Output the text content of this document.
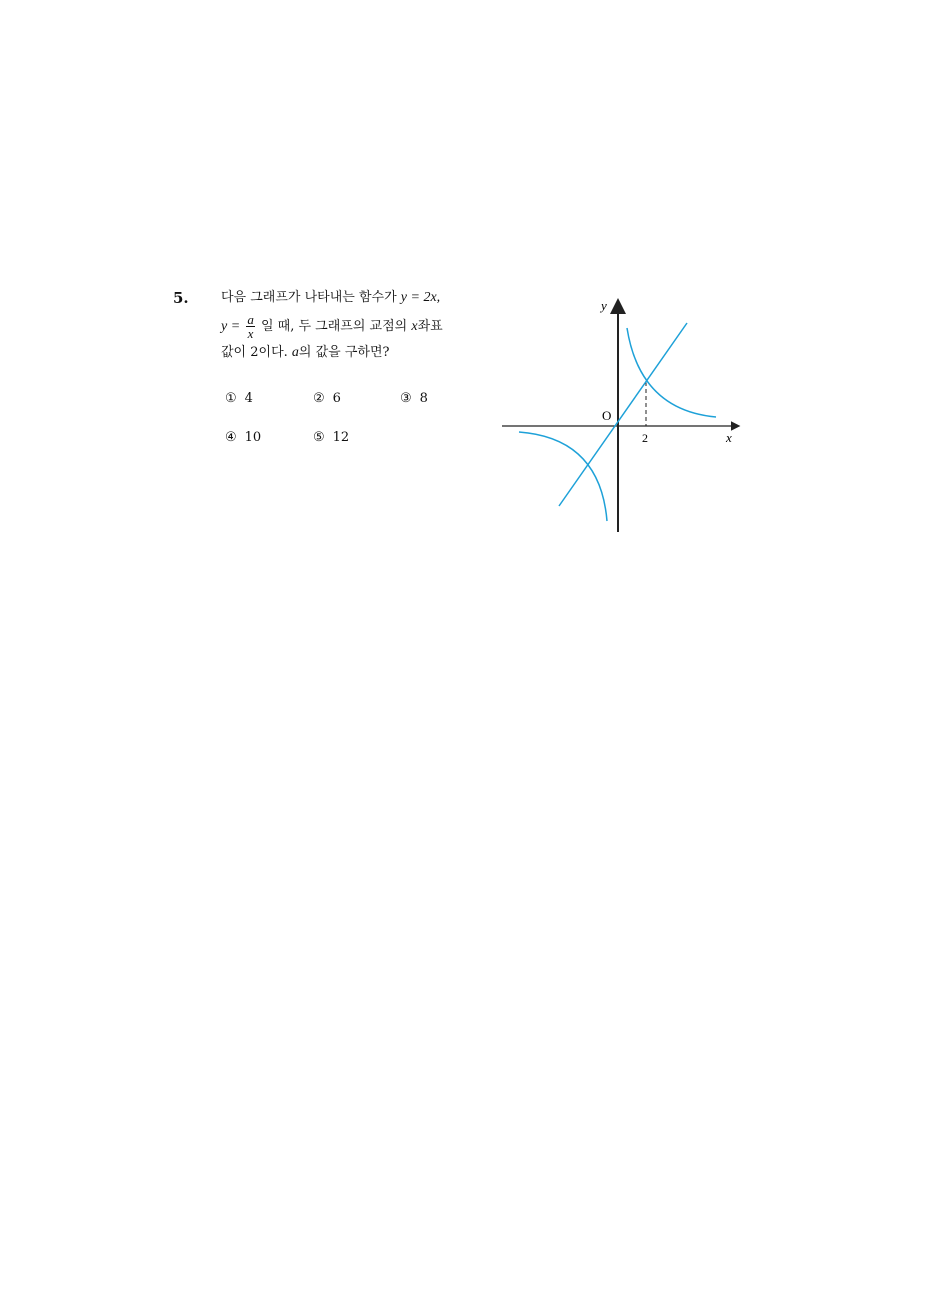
5. 다음 그래프가 나타내는 함수가 y = 2x,
$y = \frac{a}{x}$ 일 때, 두 그래프의 교점의 x좌표
값이 2이다. a의 값을 구하면?
① 4	② 6	③ 8
④ 10	⑤ 12
y
x
O
2
